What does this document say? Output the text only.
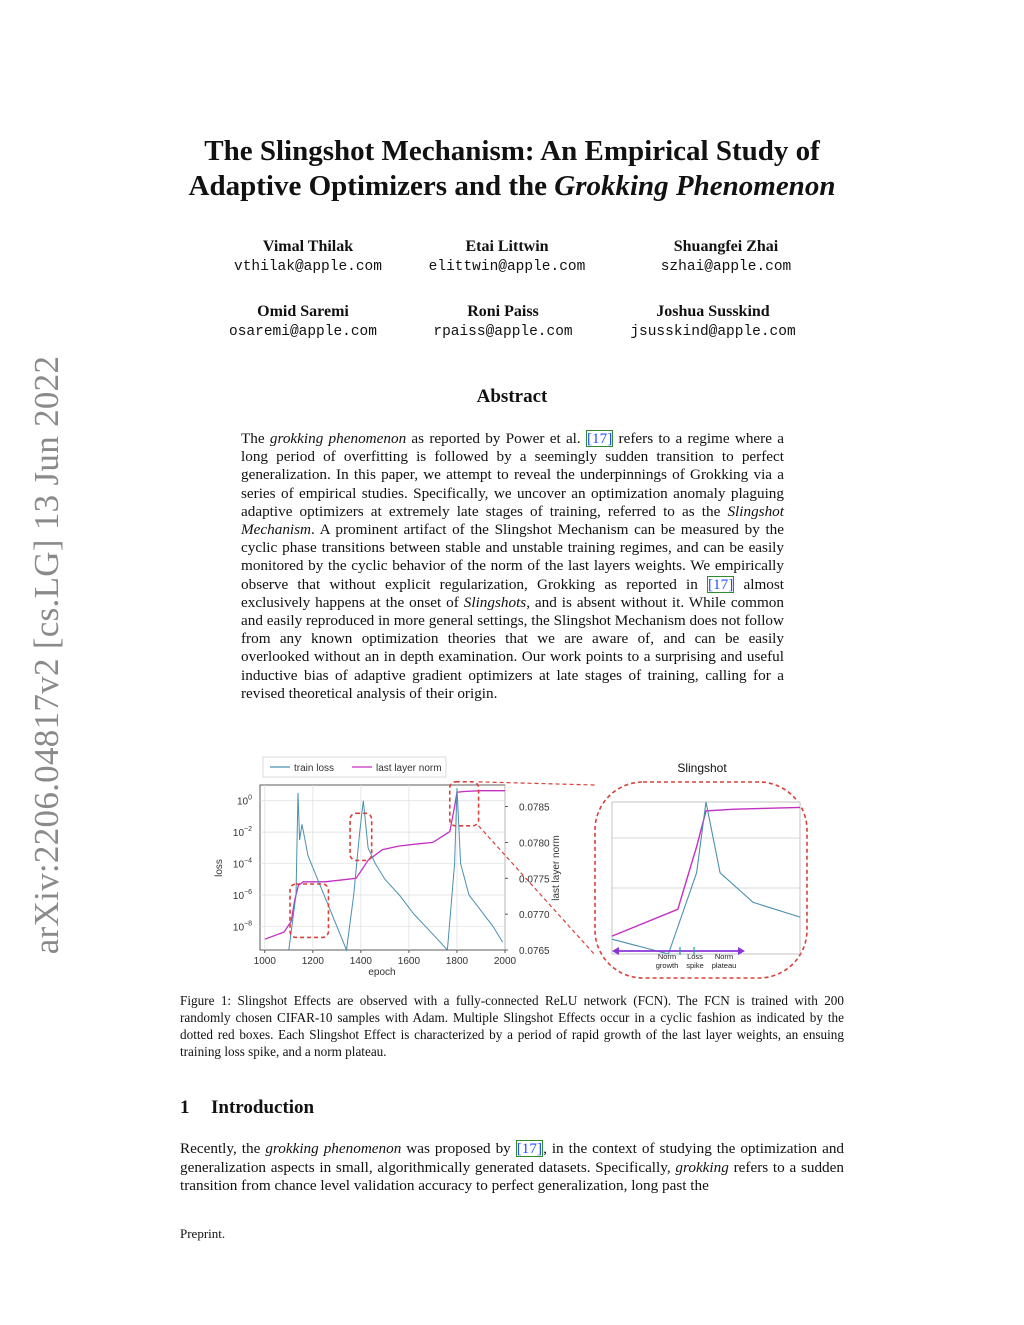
arXiv:2206.04817v2 [cs.LG] 13 Jun 2022
The Slingshot Mechanism: An Empirical Study of
Adaptive Optimizers and the Grokking Phenomenon
Vimal Thilak
vthilak@apple.com
Etai Littwin
elittwin@apple.com
Shuangfei Zhai
szhai@apple.com
Omid Saremi
osaremi@apple.com
Roni Paiss
rpaiss@apple.com
Joshua Susskind
jsusskind@apple.com
Abstract
The grokking phenomenon as reported by Power et al. [17] refers to a regime where a long period of overfitting is followed by a seemingly sudden transition to perfect generalization. In this paper, we attempt to reveal the underpinnings of Grokking via a series of empirical studies. Specifically, we uncover an optimization anomaly plaguing adaptive optimizers at extremely late stages of training, referred to as the Slingshot Mechanism. A prominent artifact of the Slingshot Mechanism can be measured by the cyclic phase transitions between stable and unstable training regimes, and can be easily monitored by the cyclic behavior of the norm of the last layers weights. We empirically observe that without explicit regularization, Grokking as reported in [17] almost exclusively happens at the onset of Slingshots, and is absent without it. While common and easily reproduced in more general settings, the Slingshot Mechanism does not follow from any known optimization theories that we are aware of, and can be easily overlooked without an in depth examination. Our work points to a surprising and useful inductive bias of adaptive gradient optimizers at late stages of training, calling for a revised theoretical analysis of their origin.
train loss	last layer norm
1000	1200	1400	1600	1800	2000
$10^0$
$10^{-2}$
$10^{-4}$
$10^{-6}$
$10^{-8}$
0.0785
0.0780
0.0775
0.0770
0.0765
loss	last layer norm
epoch
Slingshot
Norm
growth
Loss
spike
Norm
plateau
Figure 1: Slingshot Effects are observed with a fully-connected ReLU network (FCN). The FCN is trained with 200 randomly chosen CIFAR-10 samples with Adam. Multiple Slingshot Effects occur in a cyclic fashion as indicated by the dotted red boxes. Each Slingshot Effect is characterized by a period of rapid growth of the last layer weights, an ensuing training loss spike, and a norm plateau.
1 Introduction
Recently, the grokking phenomenon was proposed by [17], in the context of studying the optimization and generalization aspects in small, algorithmically generated datasets. Specifically, grokking refers to a sudden transition from chance level validation accuracy to perfect generalization, long past the
Preprint.
